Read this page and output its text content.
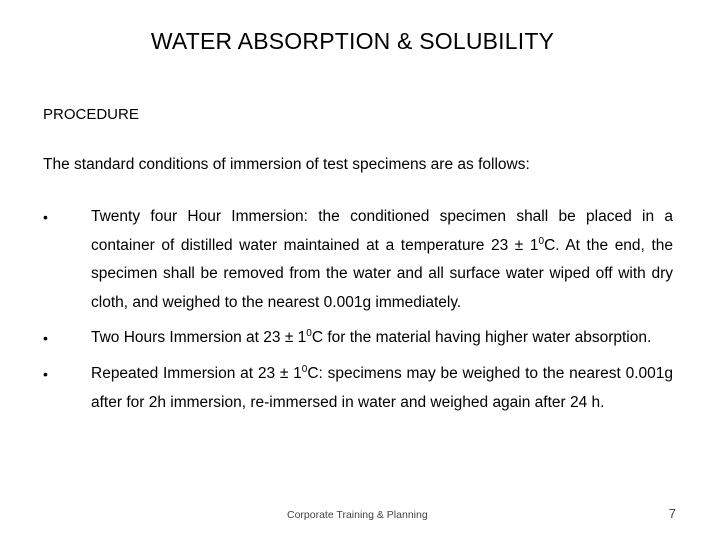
WATER ABSORPTION & SOLUBILITY
PROCEDURE
The standard conditions of immersion of test specimens are as follows:
•	Twenty four Hour Immersion: the conditioned specimen shall be placed in a container of distilled water maintained at a temperature $23 \pm 1^0C$. At the end, the specimen shall be removed from the water and all surface water wiped off with dry cloth, and weighed to the nearest 0.001g immediately.
•	Two Hours Immersion at $23 \pm 1^0C$ for the material having higher water absorption.
•	Repeated Immersion at $23 \pm 1^0C$: specimens may be weighed to the nearest 0.001g after for 2h immersion, re-immersed in water and weighed again after 24 h.
Corporate Training & Planning	7
